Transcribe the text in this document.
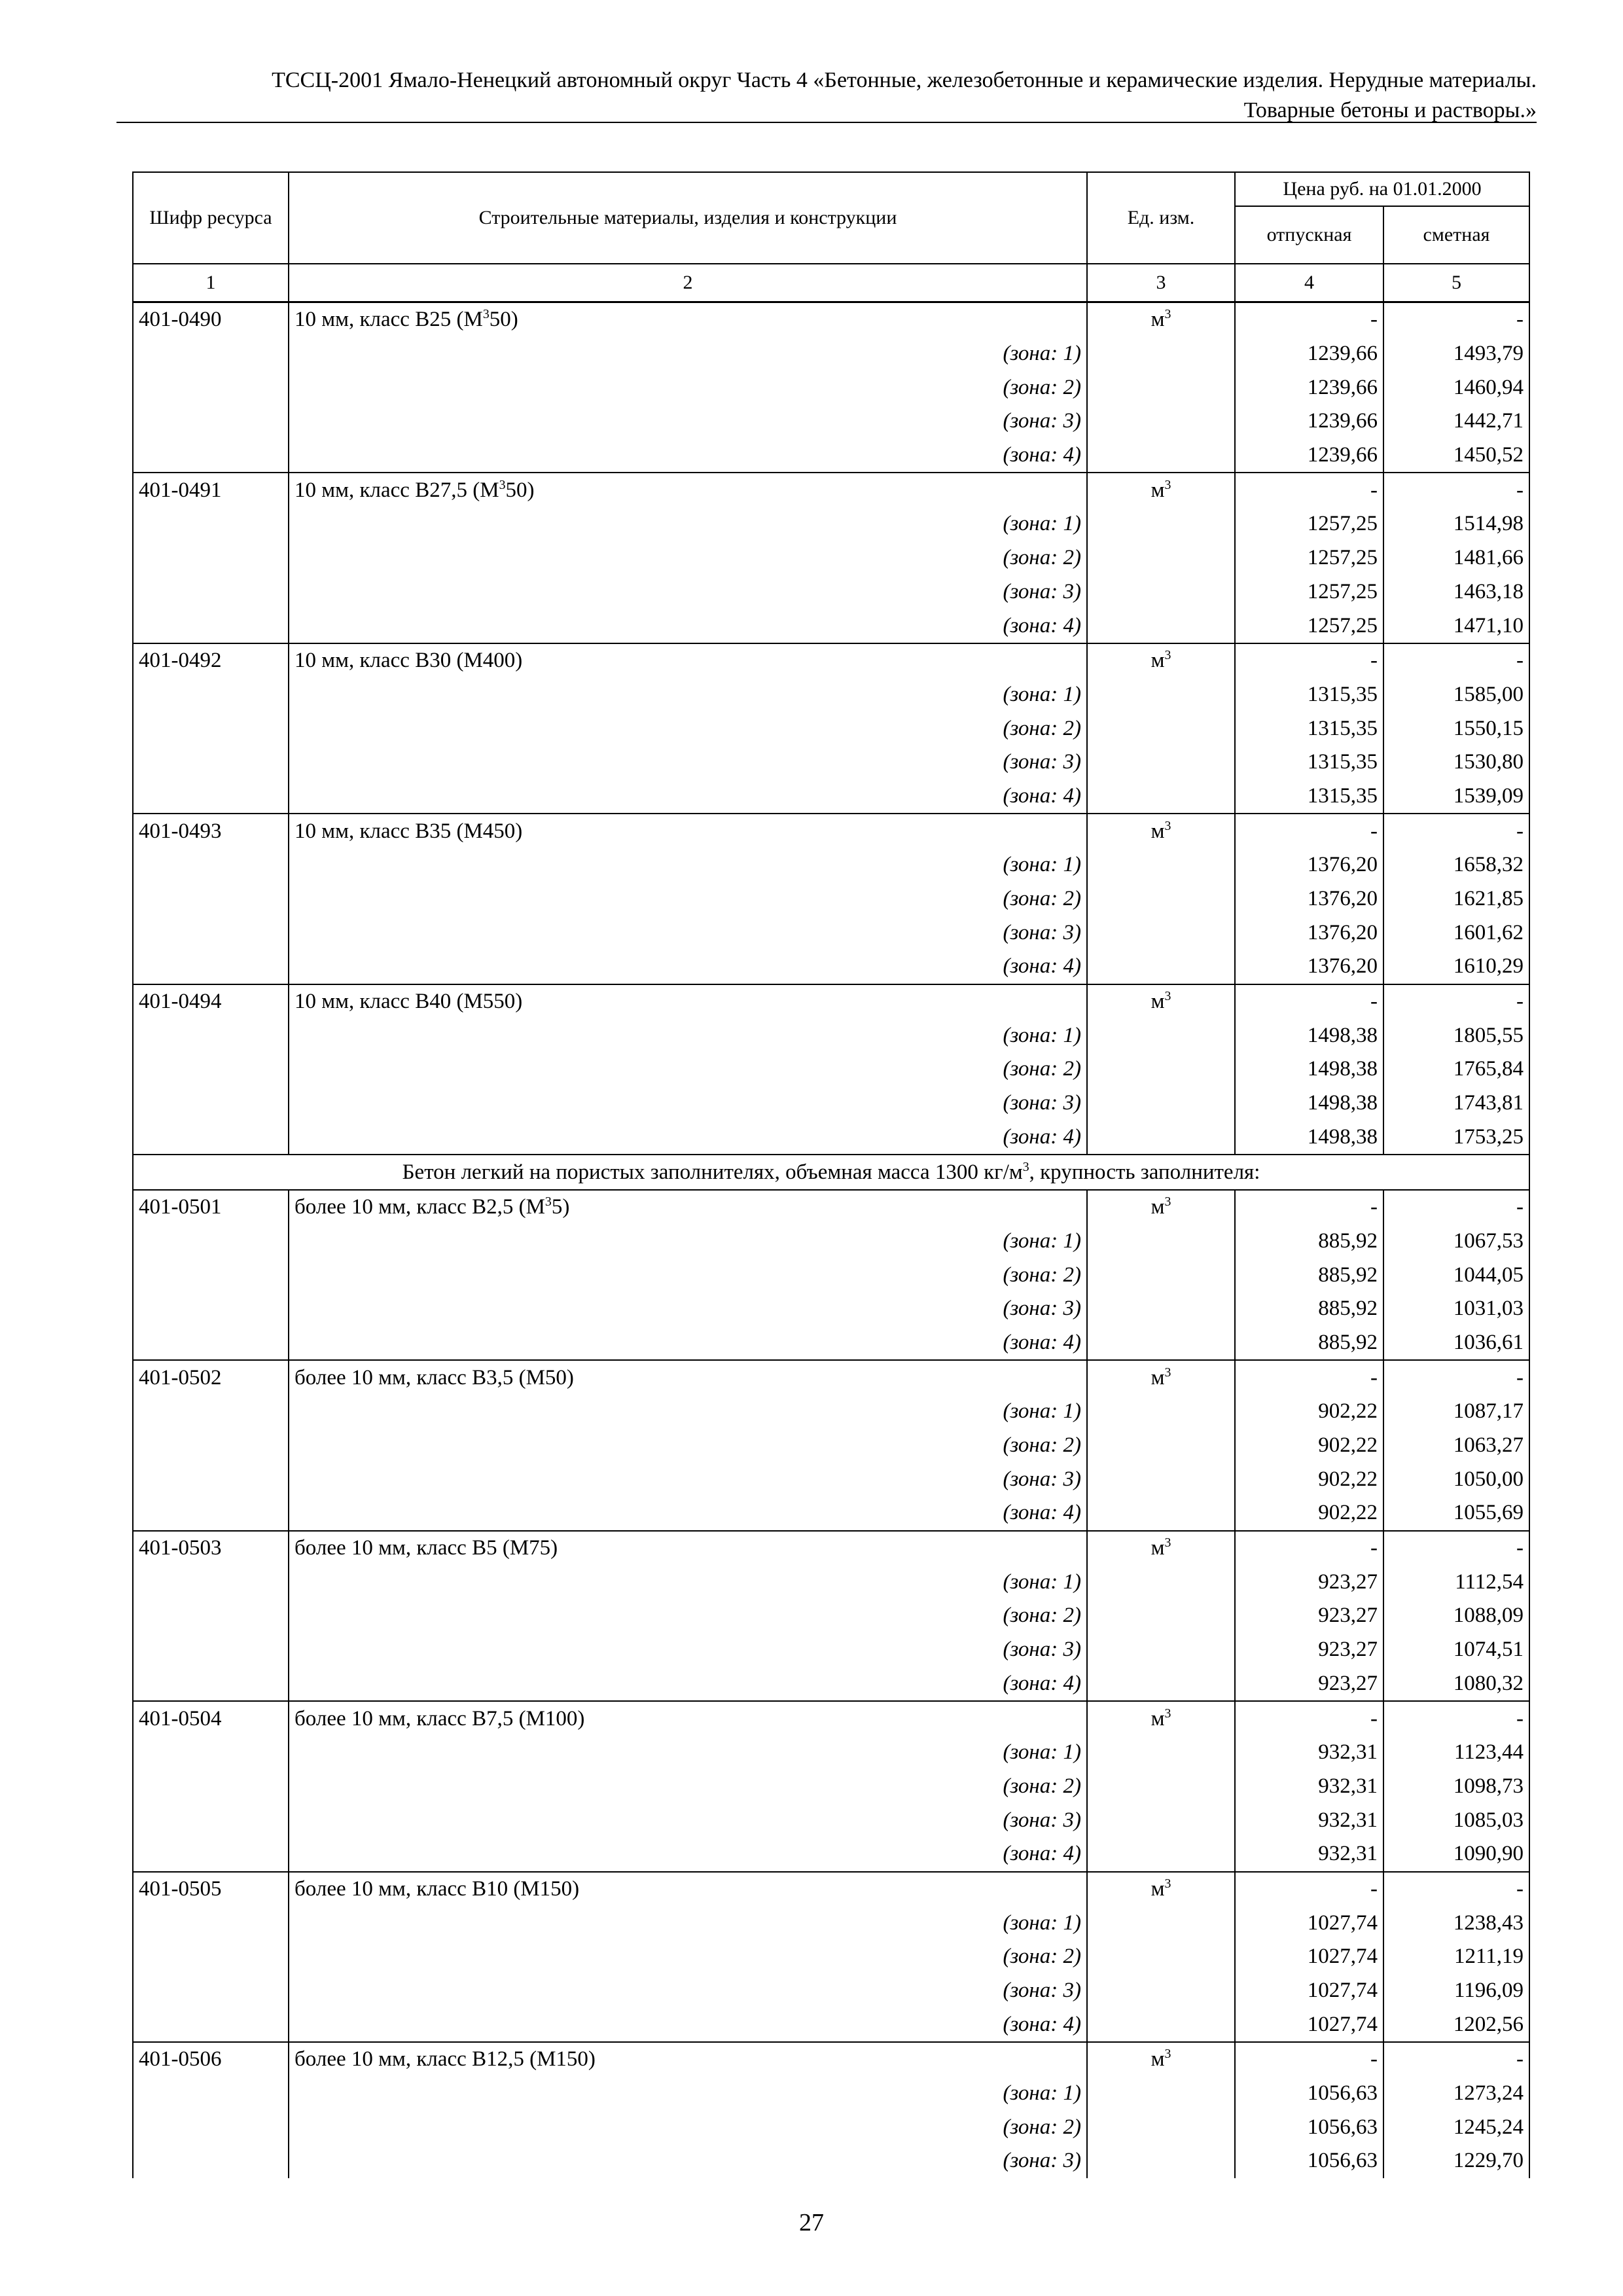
ТССЦ-2001 Ямало-Ненецкий автономный округ Часть 4 «Бетонные, железобетонные и керамические изделия. Нерудные материалы.
Товарные бетоны и растворы.»
Шифр ресурса	Строительные материалы, изделия и конструкции	Ед. изм.	Цена руб. на 01.01.2000	
			отпускная	сметная
1	2	3	4	5
401-0490	10 мм, класс В25 $(М^350)$	$м^3$	-	-
	(зона: 1)		1239,66	1493,79
	(зона: 2)		1239,66	1460,94
	(зона: 3)		1239,66	1442,71
	(зона: 4)		1239,66	1450,52
401-0491	10 мм, класс В27,5 $(М^350)$	$м^3$	-	-
	(зона: 1)		1257,25	1514,98
	(зона: 2)		1257,25	1481,66
	(зона: 3)		1257,25	1463,18
	(зона: 4)		1257,25	1471,10
401-0492	10 мм, класс В30 (М400)	$м^3$	-	-
	(зона: 1)		1315,35	1585,00
	(зона: 2)		1315,35	1550,15
	(зона: 3)		1315,35	1530,80
	(зона: 4)		1315,35	1539,09
401-0493	10 мм, класс В35 (М450)	$м^3$	-	-
	(зона: 1)		1376,20	1658,32
	(зона: 2)		1376,20	1621,85
	(зона: 3)		1376,20	1601,62
	(зона: 4)		1376,20	1610,29
401-0494	10 мм, класс В40 (М550)	$м^3$	-	-
	(зона: 1)		1498,38	1805,55
	(зона: 2)		1498,38	1765,84
	(зона: 3)		1498,38	1743,81
	(зона: 4)		1498,38	1753,25
Бетон легкий на пористых заполнителях, объемная масса 1300 $кг/м^3$, крупность заполнителя:				
401-0501	более 10 мм, класс В2,5 $(М^35)$	$м^3$	-	-
	(зона: 1)		885,92	1067,53
	(зона: 2)		885,92	1044,05
	(зона: 3)		885,92	1031,03
	(зона: 4)		885,92	1036,61
401-0502	более 10 мм, класс В3,5 (М50)	$м^3$	-	-
	(зона: 1)		902,22	1087,17
	(зона: 2)		902,22	1063,27
	(зона: 3)		902,22	1050,00
	(зона: 4)		902,22	1055,69
401-0503	более 10 мм, класс В5 (М75)	$м^3$	-	-
	(зона: 1)		923,27	1112,54
	(зона: 2)		923,27	1088,09
	(зона: 3)		923,27	1074,51
	(зона: 4)		923,27	1080,32
401-0504	более 10 мм, класс В7,5 (М100)	$м^3$	-	-
	(зона: 1)		932,31	1123,44
	(зона: 2)		932,31	1098,73
	(зона: 3)		932,31	1085,03
	(зона: 4)		932,31	1090,90
401-0505	более 10 мм, класс В10 (М150)	$м^3$	-	-
	(зона: 1)		1027,74	1238,43
	(зона: 2)		1027,74	1211,19
	(зона: 3)		1027,74	1196,09
	(зона: 4)		1027,74	1202,56
401-0506	более 10 мм, класс В12,5 (М150)	$м^3$	-	-
	(зона: 1)		1056,63	1273,24
	(зона: 2)		1056,63	1245,24
	(зона: 3)		1056,63	1229,70
27
